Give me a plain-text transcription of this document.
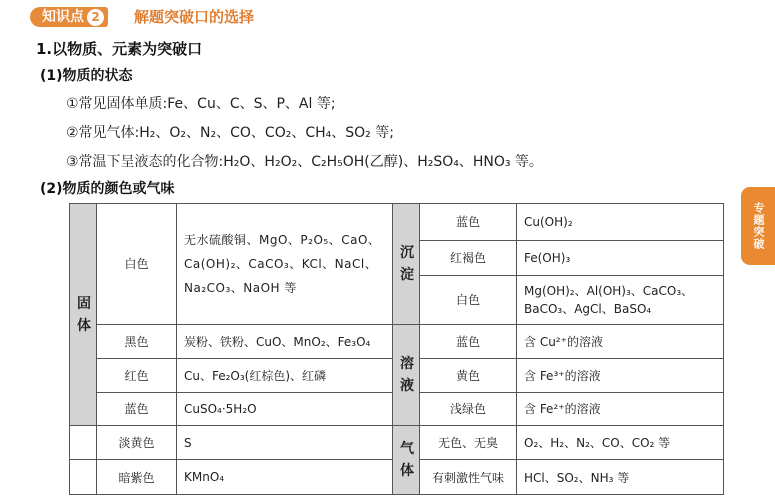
知识点 2 解题突破口的选择
1.以物质、元素为突破口
(1)物质的状态
①常见固体单质:Fe、Cu、C、S、P、Al 等;
②常见气体:H₂、O₂、N₂、CO、CO₂、CH₄、SO₂ 等;
③常温下呈液态的化合物:H₂O、H₂O₂、C₂H₅OH(乙醇)、H₂SO₄、HNO₃ 等。
(2)物质的颜色或气味
专题突破
固体	白色	无水硫酸铜、MgO、P₂O₅、CaO、Ca(OH)₂、CaCO₃、KCl、NaCl、Na₂CO₃、NaOH 等	沉淀	蓝色	Cu(OH)₂
				红褐色	Fe(OH)₃
				白色	Mg(OH)₂、Al(OH)₃、CaCO₃、BaCO₃、AgCl、BaSO₄
	黑色	炭粉、铁粉、CuO、MnO₂、Fe₃O₄	溶液	蓝色	含 Cu²⁺的溶液
	红色	Cu、Fe₂O₃(红棕色)、红磷		黄色	含 Fe³⁺的溶液
	蓝色	CuSO₄·5H₂O		浅绿色	含 Fe²⁺的溶液
	淡黄色	S	气体	无色、无臭	O₂、H₂、N₂、CO、CO₂ 等
	暗紫色	KMnO₄		有刺激性气味	HCl、SO₂、NH₃ 等
